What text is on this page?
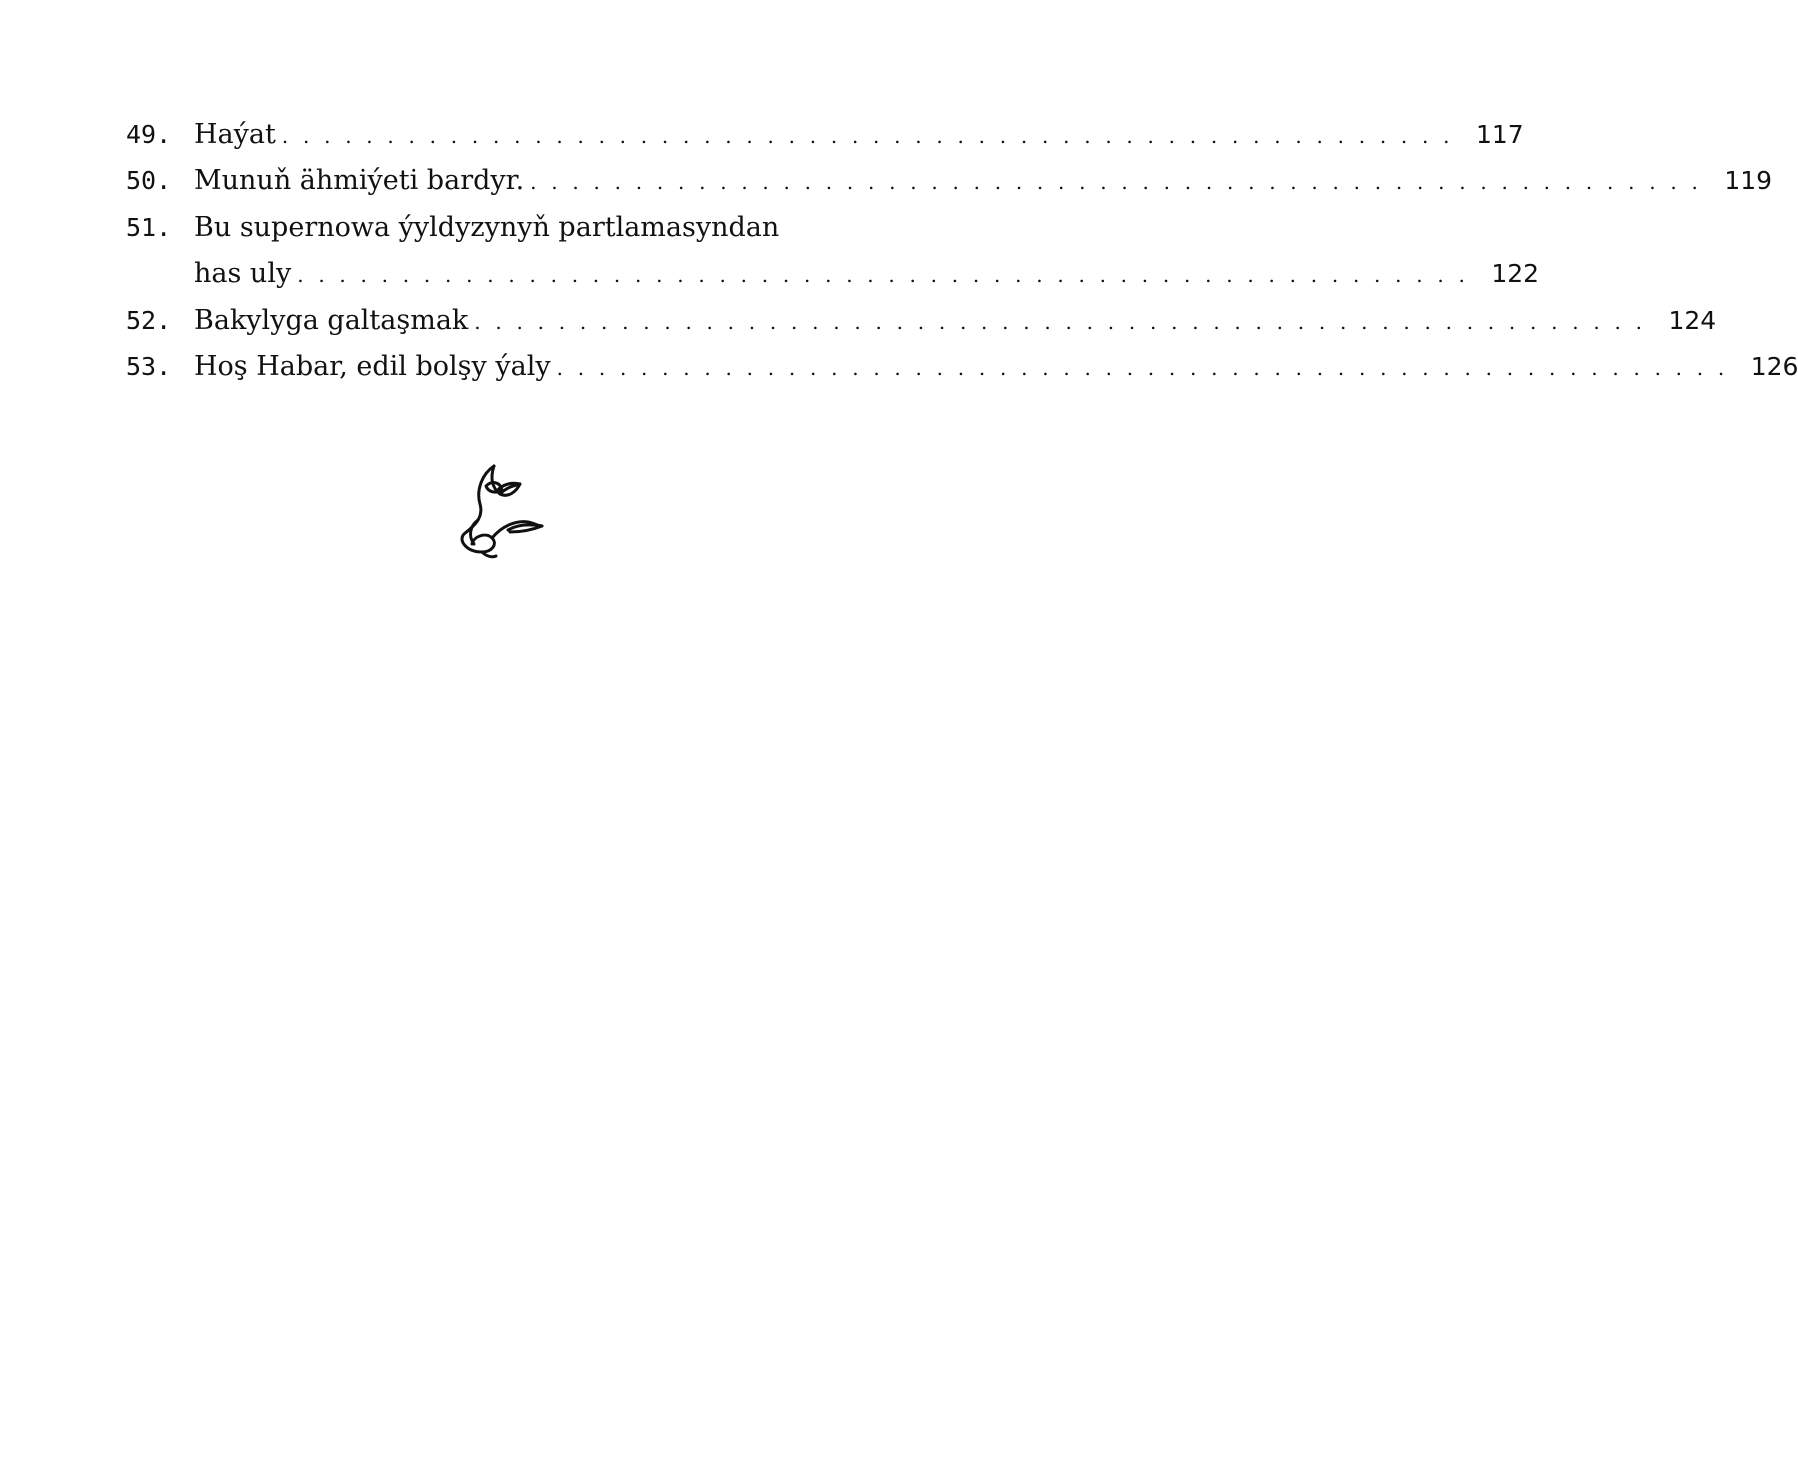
49. Haýat . . . . . . . . . . . . . . . . . . . . . . . . . . . . . . . . . . . . . . . . . . . . . . . . . . . . . . . . 117
50. Munuň ähmiýeti bardyr. . . . . . . . . . . . . . . . . . . . . . . . . . . . . . . . . . . . . . . . . . . . . . . . . . . . . . . . . 119
51. Bu supernowa ýyldyzynyň partlamasyndan
has uly . . . . . . . . . . . . . . . . . . . . . . . . . . . . . . . . . . . . . . . . . . . . . . . . . . . . . . . . 122
52. Bakylyga galtaşmak . . . . . . . . . . . . . . . . . . . . . . . . . . . . . . . . . . . . . . . . . . . . . . . . . . . . . . . . 124
53. Hoş Habar, edil bolşy ýaly . . . . . . . . . . . . . . . . . . . . . . . . . . . . . . . . . . . . . . . . . . . . . . . . . . . . . . . . 126
